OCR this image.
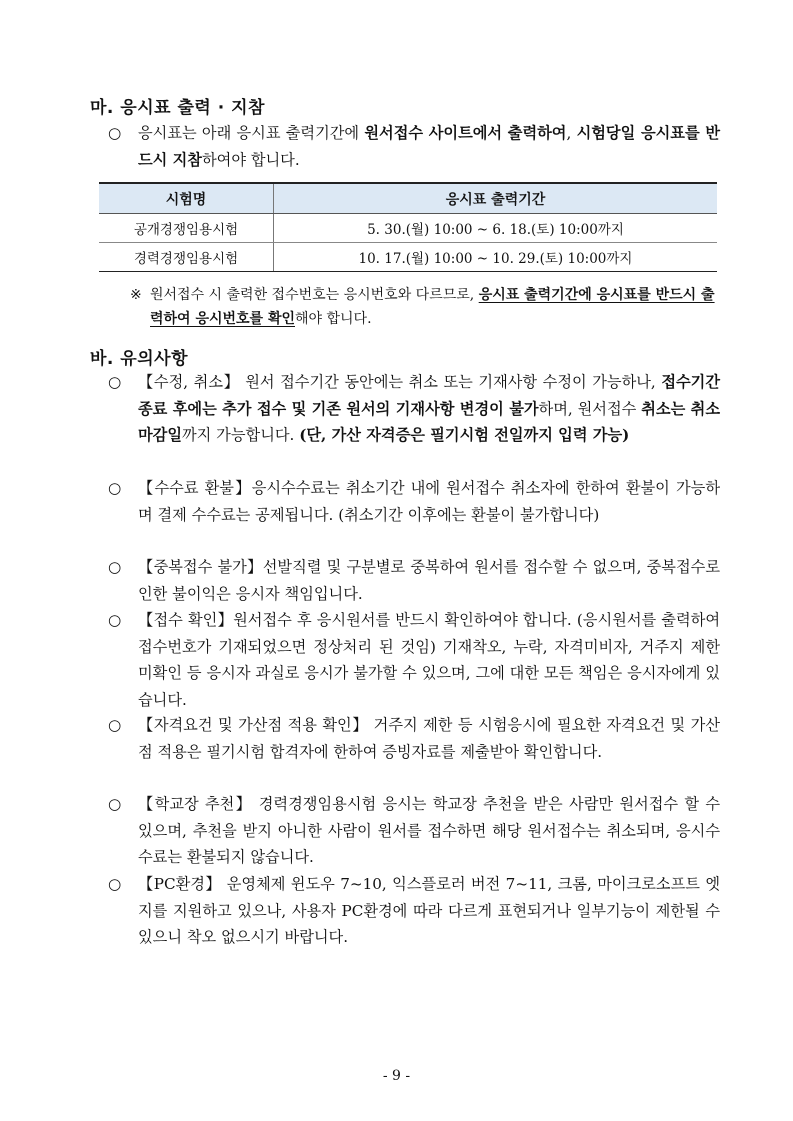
마. 응시표 출력 · 지참
○	응시표는 아래 응시표 출력기간에 원서접수 사이트에서 출력하여, 시험당일 응시표를 반드시 지참하여야 합니다.
시험명	응시표 출력기간
공개경쟁임용시험	5. 30.(월) 10:00 ~ 6. 18.(토) 10:00까지
경력경쟁임용시험	10. 17.(월) 10:00 ~ 10. 29.(토) 10:00까지
※ 원서접수 시 출력한 접수번호는 응시번호와 다르므로, 응시표 출력기간에 응시표를 반드시 출력하여 응시번호를 확인해야 합니다.
바. 유의사항
○	【수정, 취소】 원서 접수기간 동안에는 취소 또는 기재사항 수정이 가능하나, 접수기간 종료 후에는 추가 접수 및 기존 원서의 기재사항 변경이 불가하며, 원서접수 취소는 취소마감일까지 가능합니다. (단, 가산 자격증은 필기시험 전일까지 입력 가능)
○	【수수료 환불】응시수수료는 취소기간 내에 원서접수 취소자에 한하여 환불이 가능하며 결제 수수료는 공제됩니다. (취소기간 이후에는 환불이 불가합니다)
○	【중복접수 불가】선발직렬 및 구분별로 중복하여 원서를 접수할 수 없으며, 중복접수로 인한 불이익은 응시자 책임입니다.
○	【접수 확인】원서접수 후 응시원서를 반드시 확인하여야 합니다. (응시원서를 출력하여 접수번호가 기재되었으면 정상처리 된 것임) 기재착오, 누락, 자격미비자, 거주지 제한 미확인 등 응시자 과실로 응시가 불가할 수 있으며, 그에 대한 모든 책임은 응시자에게 있습니다.
○	【자격요건 및 가산점 적용 확인】 거주지 제한 등 시험응시에 필요한 자격요건 및 가산점 적용은 필기시험 합격자에 한하여 증빙자료를 제출받아 확인합니다.
○	【학교장 추천】 경력경쟁임용시험 응시는 학교장 추천을 받은 사람만 원서접수 할 수 있으며, 추천을 받지 아니한 사람이 원서를 접수하면 해당 원서접수는 취소되며, 응시수수료는 환불되지 않습니다.
○	【PC환경】 운영체제 윈도우 7~10, 익스플로러 버전 7~11, 크롬, 마이크로소프트 엣지를 지원하고 있으나, 사용자 PC환경에 따라 다르게 표현되거나 일부기능이 제한될 수 있으니 착오 없으시기 바랍니다.
- 9 -
